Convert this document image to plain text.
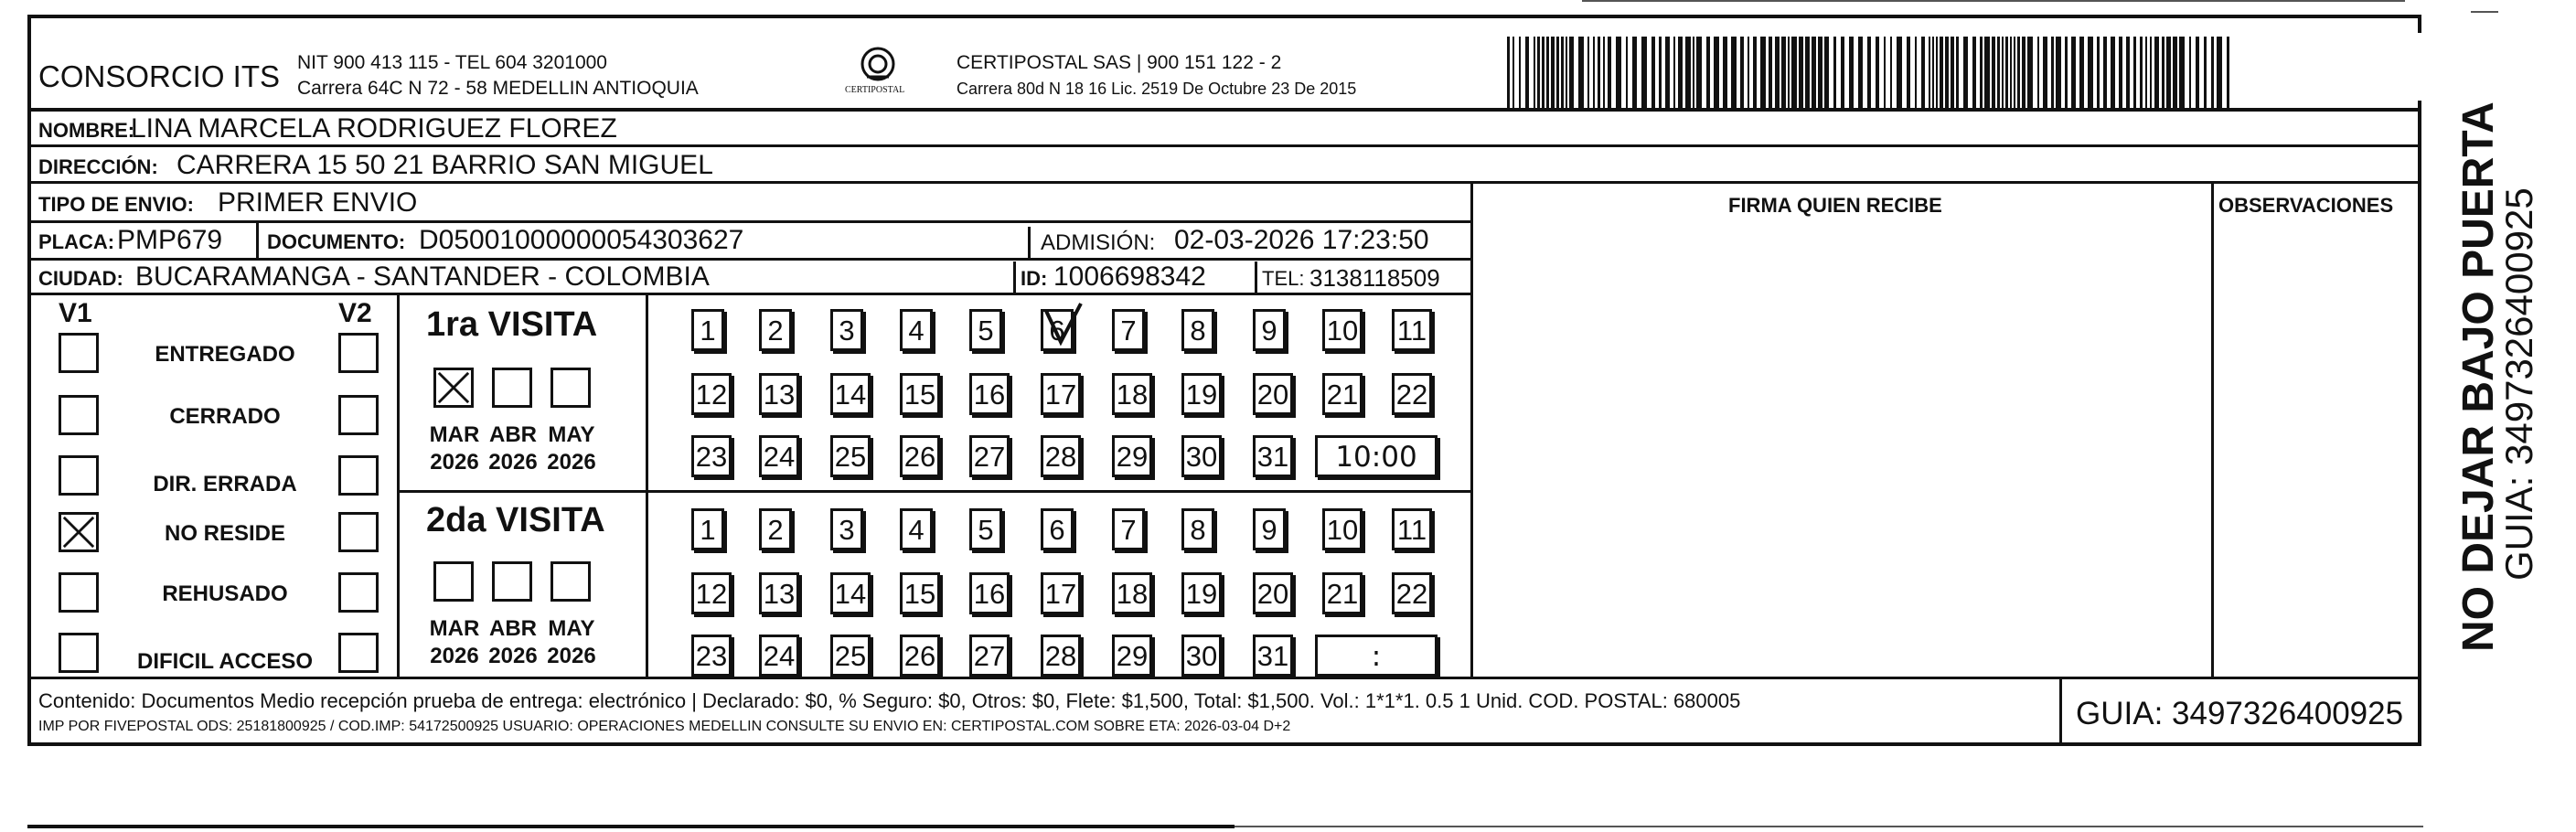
CONSORCIO ITS NIT 900 413 115 - TEL 604 3201000
Carrera 64C N 72 - 58 MEDELLIN ANTIOQUIA	CERTIPOSTAL
CERTIPOSTAL SAS | 900 151 122 - 2
Carrera 80d N 18 16 Lic. 2519 De Octubre 23 De 2015
NOMBRE:
LINA MARCELA RODRIGUEZ FLOREZ
DIRECCIÓN: CARRERA 15 50 21 BARRIO SAN MIGUEL
TIPO DE ENVIO: PRIMER ENVIO
PLACA: PMP679 DOCUMENTO: D05001000000054303627	ADMISIÓN: 02-03-2026 17:23:50
CIUDAD: BUCARAMANGA - SANTANDER - COLOMBIA	ID: 1006698342	TEL: 3138118509
FIRMA QUIEN RECIBE	OBSERVACIONES
V1	V2
ENTREGADO
CERRADO
DIR. ERRADA
NO RESIDE
REHUSADO
DIFICIL ACCESO
1ra VISITA
MAR
2026
ABR
2026
MAY
2026
1	2	3	4	5	6	7	8	9	10 11
12 13 14 15 16 17 18 19 20 21 22
23 24 25 26 27 28 29 30 31	10:00
2da VISITA
MAR
2026
ABR
2026
MAY
2026
1	2	3	4	5	6	7	8	9	10 11
12 13 14 15 16 17 18 19 20 21 22
23 24 25 26 27 28 29 30 31	:
Contenido: Documentos Medio recepción prueba de entrega: electrónico | Declarado: $0, % Seguro: $0, Otros: $0, Flete: $1,500, Total: $1,500. Vol.: 1*1*1. 0.5 1 Unid. COD. POSTAL: 680005
IMP POR FIVEPOSTAL ODS: 25181800925 / COD.IMP: 54172500925 USUARIO: OPERACIONES MEDELLIN CONSULTE SU ENVIO EN: CERTIPOSTAL.COM SOBRE ETA: 2026-03-04 D+2	GUIA: 3497326400925
NO DEJAR BAJO PUERTA
GUIA: 3497326400925
